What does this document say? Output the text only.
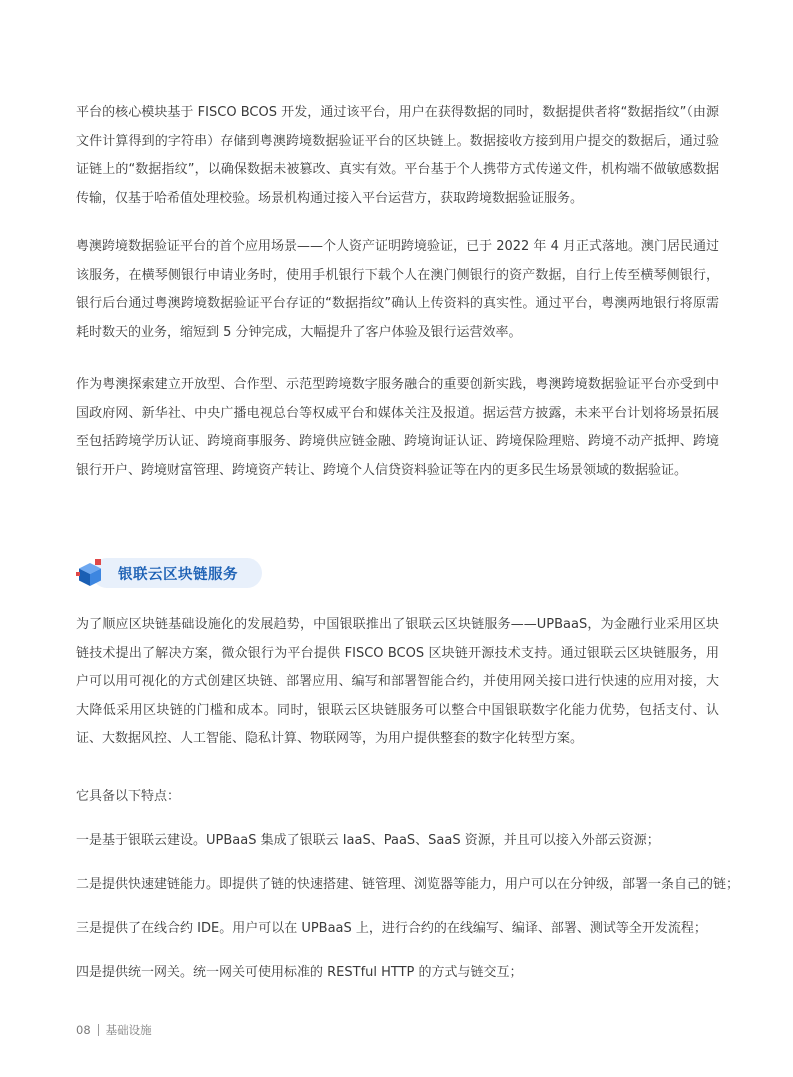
平台的核心模块基于 FISCO BCOS 开发，通过该平台，用户在获得数据的同时，数据提供者将“数据指纹”（由源文件计算得到的字符串）存储到粤澳跨境数据验证平台的区块链上。数据接收方接到用户提交的数据后，通过验证链上的“数据指纹”，以确保数据未被篡改、真实有效。平台基于个人携带方式传递文件，机构端不做敏感数据传输，仅基于哈希值处理校验。场景机构通过接入平台运营方，获取跨境数据验证服务。

粤澳跨境数据验证平台的首个应用场景——个人资产证明跨境验证，已于 2022 年 4 月正式落地。澳门居民通过该服务，在横琴侧银行申请业务时，使用手机银行下载个人在澳门侧银行的资产数据，自行上传至横琴侧银行，银行后台通过粤澳跨境数据验证平台存证的“数据指纹”确认上传资料的真实性。通过平台，粤澳两地银行将原需耗时数天的业务，缩短到 5 分钟完成，大幅提升了客户体验及银行运营效率。

作为粤澳探索建立开放型、合作型、示范型跨境数字服务融合的重要创新实践，粤澳跨境数据验证平台亦受到中国政府网、新华社、中央广播电视总台等权威平台和媒体关注及报道。据运营方披露，未来平台计划将场景拓展至包括跨境学历认证、跨境商事服务、跨境供应链金融、跨境询证认证、跨境保险理赔、跨境不动产抵押、跨境银行开户、跨境财富管理、跨境资产转让、跨境个人信贷资料验证等在内的更多民生场景领域的数据验证。

银联云区块链服务

为了顺应区块链基础设施化的发展趋势，中国银联推出了银联云区块链服务——UPBaaS，为金融行业采用区块链技术提出了解决方案，微众银行为平台提供 FISCO BCOS 区块链开源技术支持。通过银联云区块链服务，用户可以用可视化的方式创建区块链、部署应用、编写和部署智能合约，并使用网关接口进行快速的应用对接，大大降低采用区块链的门槛和成本。同时，银联云区块链服务可以整合中国银联数字化能力优势，包括支付、认证、大数据风控、人工智能、隐私计算、物联网等，为用户提供整套的数字化转型方案。

它具备以下特点：

一是基于银联云建设。UPBaaS 集成了银联云 IaaS、PaaS、SaaS 资源，并且可以接入外部云资源；

二是提供快速建链能力。即提供了链的快速搭建、链管理、浏览器等能力，用户可以在分钟级，部署一条自己的链；

三是提供了在线合约 IDE。用户可以在 UPBaaS 上，进行合约的在线编写、编译、部署、测试等全开发流程；

四是提供统一网关。统一网关可使用标准的 RESTful HTTP 的方式与链交互；

08 基础设施
